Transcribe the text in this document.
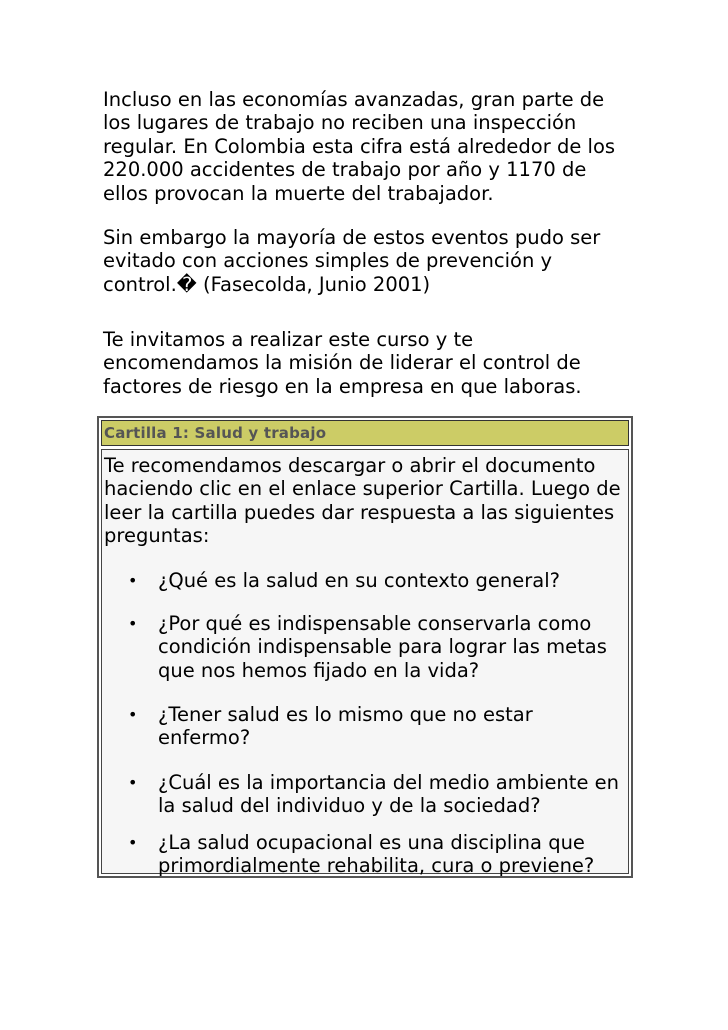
Incluso en las economías avanzadas, gran parte de
los lugares de trabajo no reciben una inspección
regular. En Colombia esta cifra está alrededor de los
220.000 accidentes de trabajo por año y 1170 de
ellos provocan la muerte del trabajador.

Sin embargo la mayoría de estos eventos pudo ser
evitado con acciones simples de prevención y
control.� (Fasecolda, Junio 2001)

Te invitamos a realizar este curso y te
encomendamos la misión de liderar el control de
factores de riesgo en la empresa en que laboras.

Cartilla 1: Salud y trabajo

Te recomendamos descargar o abrir el documento
haciendo clic en el enlace superior Cartilla. Luego de
leer la cartilla puedes dar respuesta a las siguientes
preguntas:

• ¿Qué es la salud en su contexto general?
• ¿Por qué es indispensable conservarla como
condición indispensable para lograr las metas
que nos hemos fijado en la vida?
• ¿Tener salud es lo mismo que no estar
enfermo?
• ¿Cuál es la importancia del medio ambiente en
la salud del individuo y de la sociedad?
• ¿La salud ocupacional es una disciplina que
primordialmente rehabilita, cura o previene?
